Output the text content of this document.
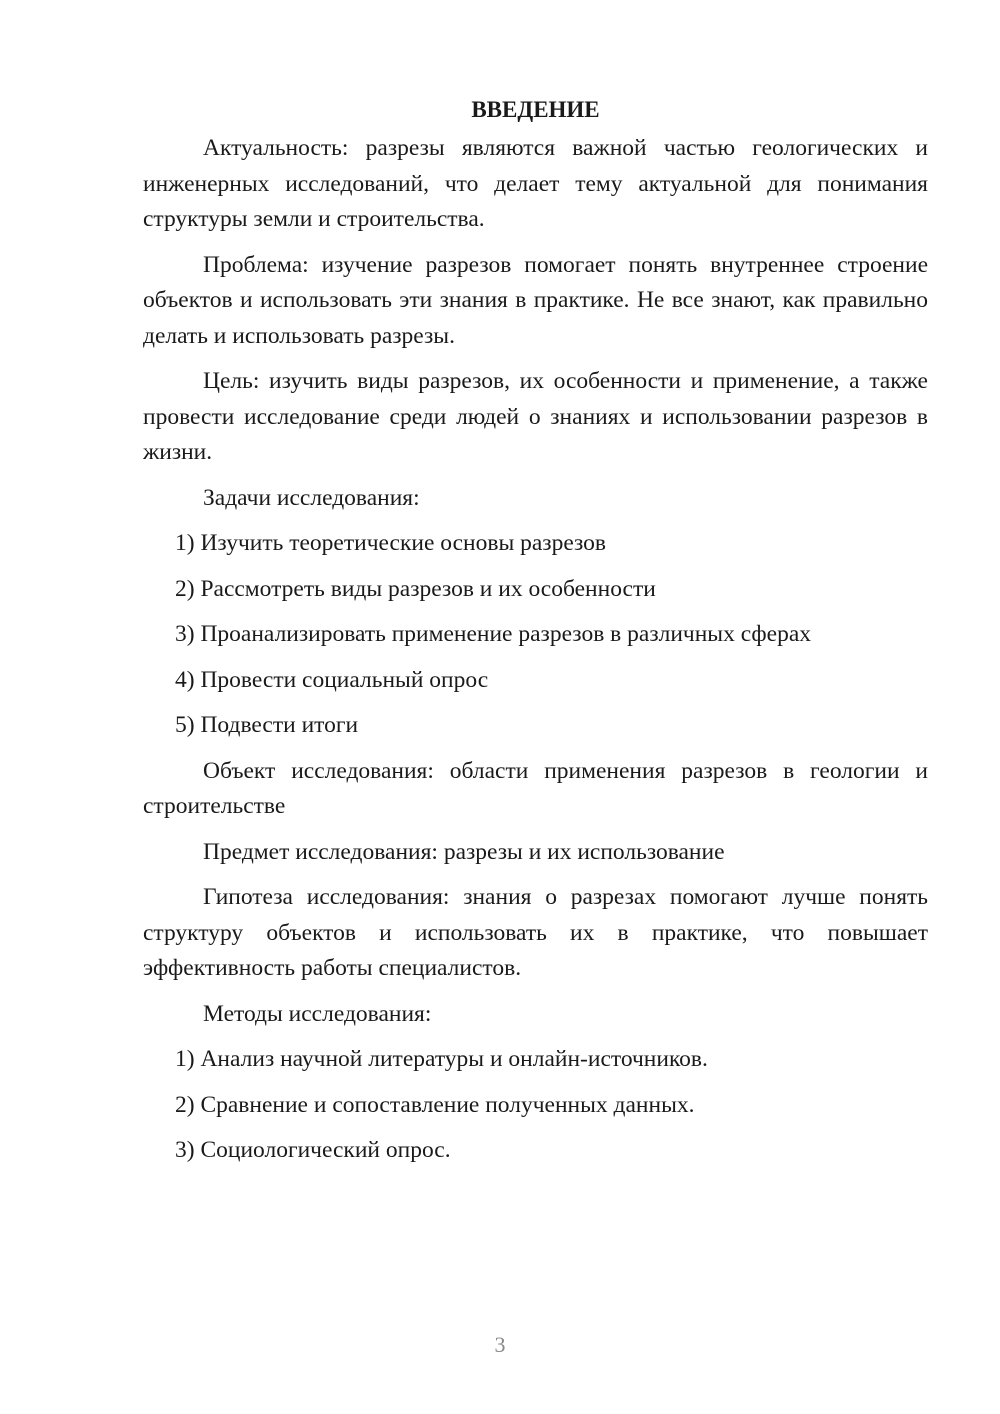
ВВЕДЕНИЕ

Актуальность: разрезы являются важной частью геологических и инженерных исследований, что делает тему актуальной для понимания структуры земли и строительства.

Проблема: изучение разрезов помогает понять внутреннее строение объектов и использовать эти знания в практике. Не все знают, как правильно делать и использовать разрезы.

Цель: изучить виды разрезов, их особенности и применение, а также провести исследование среди людей о знаниях и использовании разрезов в жизни.

Задачи исследования:

1) Изучить теоретические основы разрезов

2) Рассмотреть виды разрезов и их особенности

3) Проанализировать применение разрезов в различных сферах

4) Провести социальный опрос

5) Подвести итоги

Объект исследования: области применения разрезов в геологии и строительстве

Предмет исследования: разрезы и их использование

Гипотеза исследования: знания о разрезах помогают лучше понять структуру объектов и использовать их в практике, что повышает эффективность работы специалистов.

Методы исследования:

1) Анализ научной литературы и онлайн-источников.

2) Сравнение и сопоставление полученных данных.

3) Социологический опрос.

3
